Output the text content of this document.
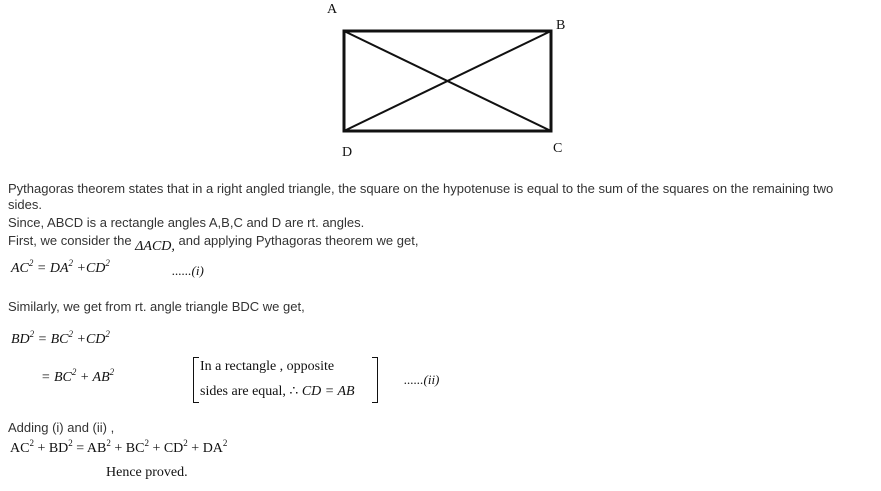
A
B
C
D
Pythagoras theorem states that in a right angled triangle, the square on the hypotenuse is equal to the sum of the squares on the remaining two
sides.
Since, ABCD is a rectangle angles A,B,C and D are rt. angles.
First, we consider the ΔACD, and applying Pythagoras theorem we get,
$AC^2 = DA^2 +CD^2$	......(i)
Similarly, we get from rt. angle triangle BDC we get,
$BD^2 = BC^2 +CD^2$
= $BC^2 + AB^2$	In a rectangle , opposite
sides are equal, ∴ CD = AB
......(ii)
Adding (i) and (ii) ,
$AC^2 + BD^2 = AB^2 + BC^2 + CD^2 + DA^2$
Hence proved.
